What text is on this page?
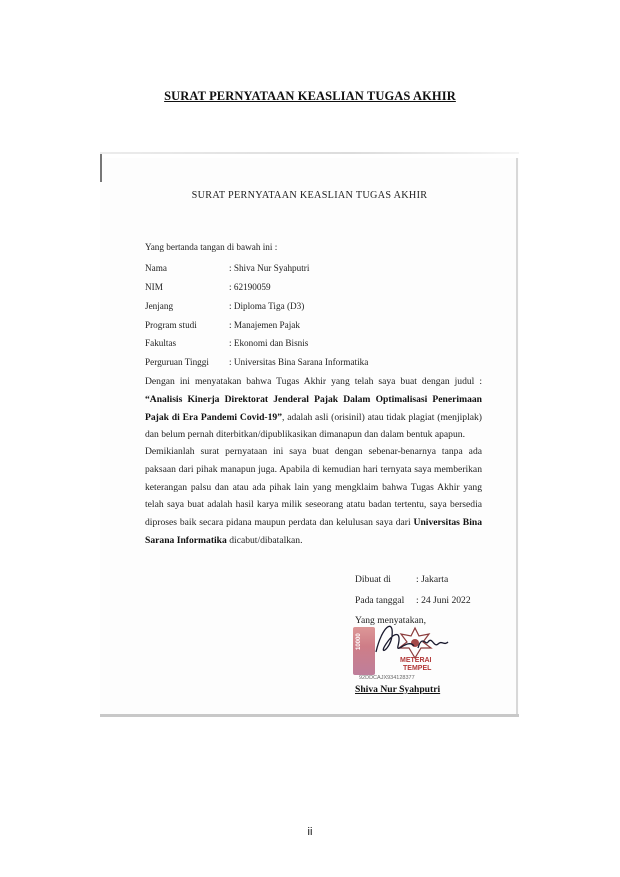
SURAT PERNYATAAN KEASLIAN TUGAS AKHIR
SURAT PERNYATAAN KEASLIAN TUGAS AKHIR
Yang bertanda tangan di bawah ini :
Nama	: Shiva Nur Syahputri
NIM	: 62190059
Jenjang	: Diploma Tiga (D3)
Program studi	: Manajemen Pajak
Fakultas	: Ekonomi dan Bisnis
Perguruan Tinggi : Universitas Bina Sarana Informatika
Dengan ini menyatakan bahwa Tugas Akhir yang telah saya buat dengan judul : “Analisis Kinerja Direktorat Jenderal Pajak Dalam Optimalisasi Penerimaan Pajak di Era Pandemi Covid-19”, adalah asli (orisinil) atau tidak plagiat (menjiplak) dan belum pernah diterbitkan/dipublikasikan dimanapun dan dalam bentuk apapun.
Demikianlah surat pernyataan ini saya buat dengan sebenar-benarnya tanpa ada paksaan dari pihak manapun juga. Apabila di kemudian hari ternyata saya memberikan keterangan palsu dan atau ada pihak lain yang mengklaim bahwa Tugas Akhir yang telah saya buat adalah hasil karya milik seseorang atatu badan tertentu, saya bersedia diproses baik secara pidana maupun perdata dan kelulusan saya dari Universitas Bina Sarana Informatika dicabut/dibatalkan.
Dibuat di	: Jakarta
Pada tanggal : 24 Juni 2022
Yang menyatakan,
10000
METERAI
TEMPEL
92DDCAJX934128377
Shiva Nur Syahputri
ii
